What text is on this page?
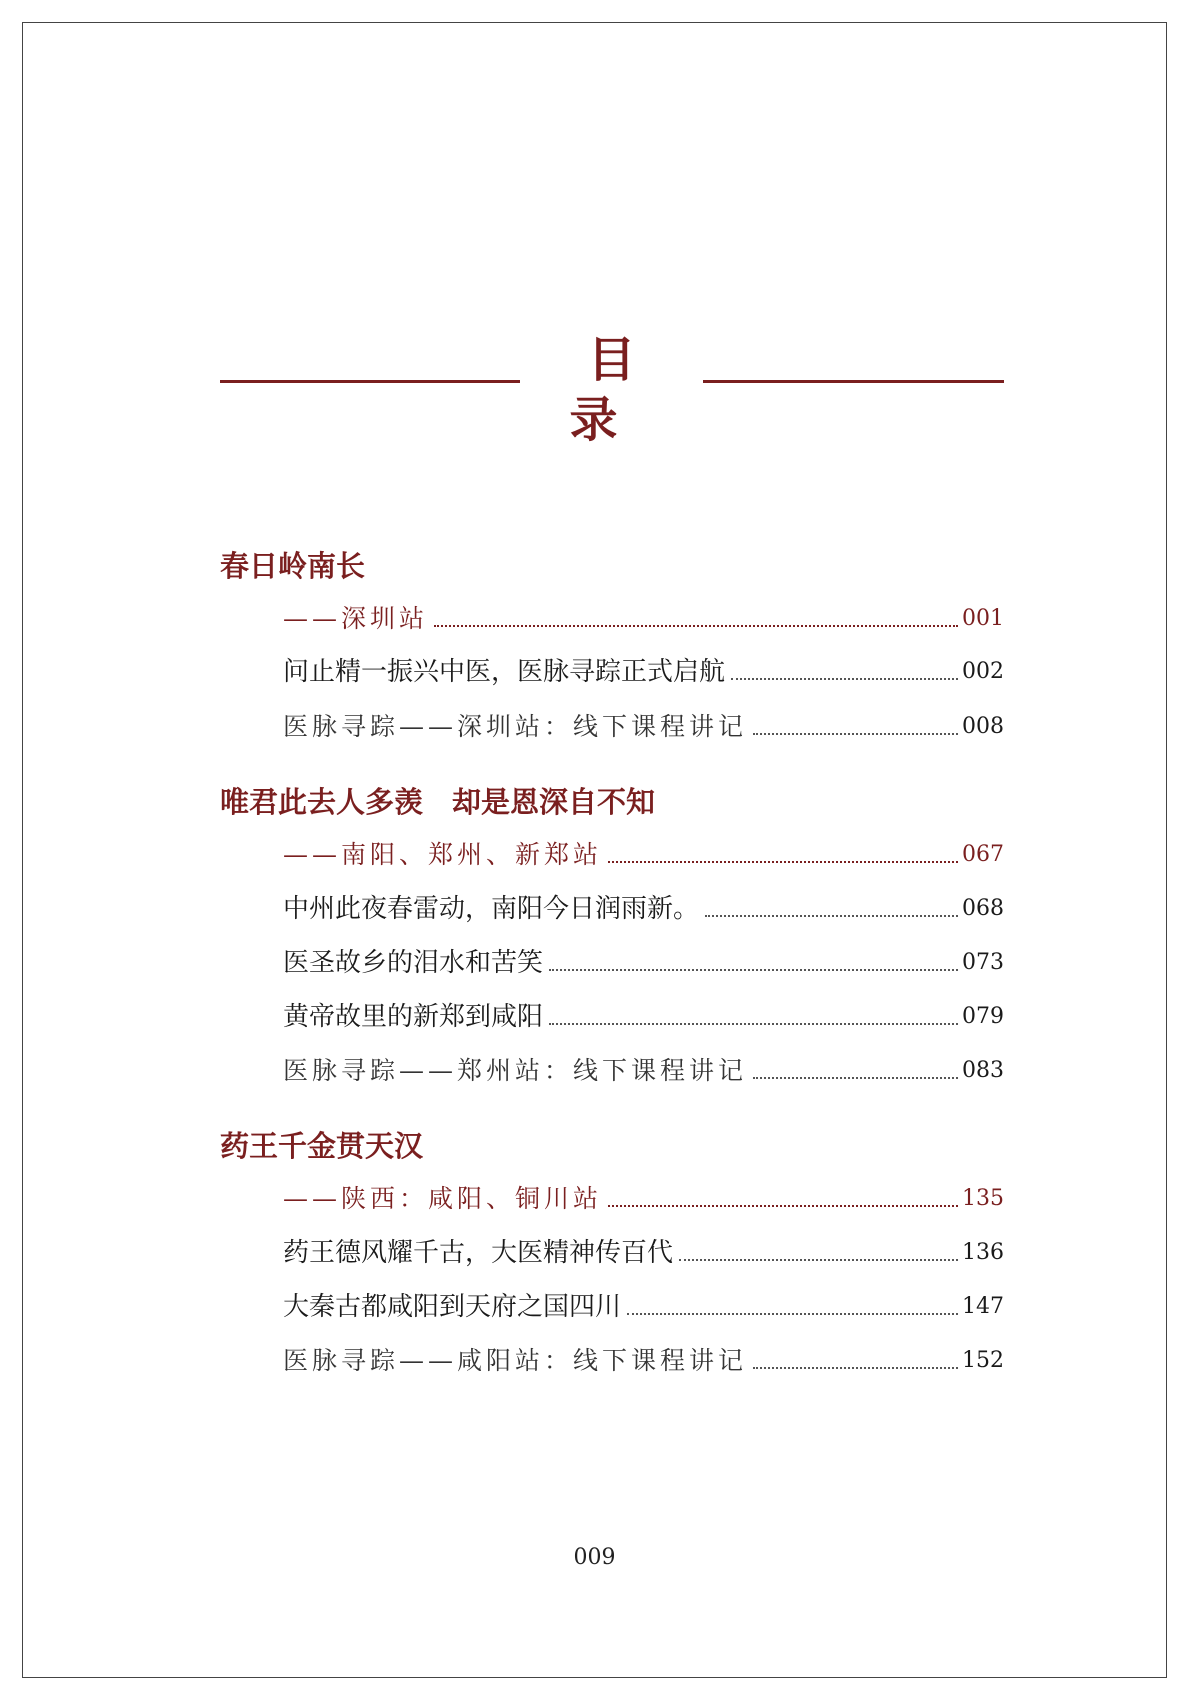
目 录
春日岭南长
——深圳站	001
问止精一振兴中医，医脉寻踪正式启航	002
医脉寻踪——深圳站：线下课程讲记	008
唯君此去人多羡　却是恩深自不知
——南阳、郑州、新郑站	067
中州此夜春雷动，南阳今日润雨新。	068
医圣故乡的泪水和苦笑	073
黄帝故里的新郑到咸阳	079
医脉寻踪——郑州站：线下课程讲记	083
药王千金贯天汉
——陕西：咸阳、铜川站	135
药王德风耀千古，大医精神传百代	136
大秦古都咸阳到天府之国四川	147
医脉寻踪——咸阳站：线下课程讲记	152
009
